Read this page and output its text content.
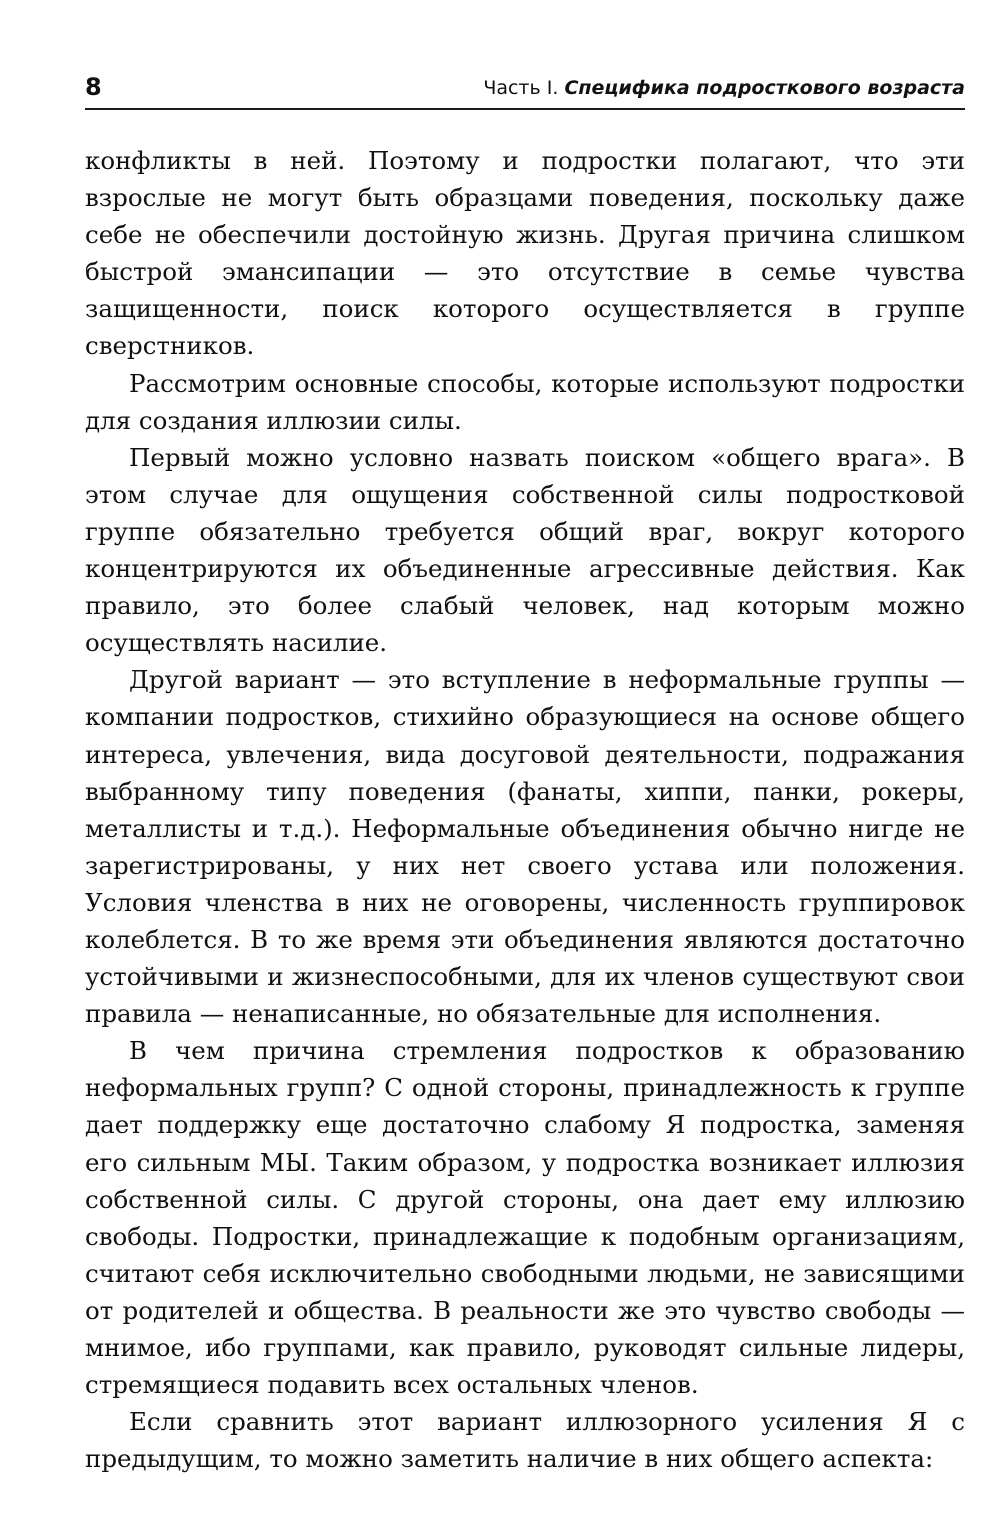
8	Часть I. Специфика подросткового возраста

конфликты в ней. Поэтому и подростки полагают, что эти взрослые не могут быть образцами поведения, поскольку даже себе не обеспечили достойную жизнь. Другая причина слишком быстрой эмансипации — это отсутствие в семье чувства защищенности, поиск которого осуществляется в группе сверстников.

Рассмотрим основные способы, которые используют подростки для создания иллюзии силы.

Первый можно условно назвать поиском «общего врага». В этом случае для ощущения собственной силы подростковой группе обязательно требуется общий враг, вокруг которого концентрируются их объединенные агрессивные действия. Как правило, это более слабый человек, над которым можно осуществлять насилие.

Другой вариант — это вступление в неформальные группы — компании подростков, стихийно образующиеся на основе общего интереса, увлечения, вида досуговой деятельности, подражания выбранному типу поведения (фанаты, хиппи, панки, рокеры, металлисты и т.д.). Неформальные объединения обычно нигде не зарегистрированы, у них нет своего устава или положения. Условия членства в них не оговорены, численность группировок колеблется. В то же время эти объединения являются достаточно устойчивыми и жизнеспособными, для их членов существуют свои правила — ненаписанные, но обязательные для исполнения.

В чем причина стремления подростков к образованию неформальных групп? С одной стороны, принадлежность к группе дает поддержку еще достаточно слабому Я подростка, заменяя его сильным МЫ. Таким образом, у подростка возникает иллюзия собственной силы. С другой стороны, она дает ему иллюзию свободы. Подростки, принадлежащие к подобным организациям, считают себя исключительно свободными людьми, не зависящими от родителей и общества. В реальности же это чувство свободы — мнимое, ибо группами, как правило, руководят сильные лидеры, стремящиеся подавить всех остальных членов.

Если сравнить этот вариант иллюзорного усиления Я с предыдущим, то можно заметить наличие в них общего аспекта:
